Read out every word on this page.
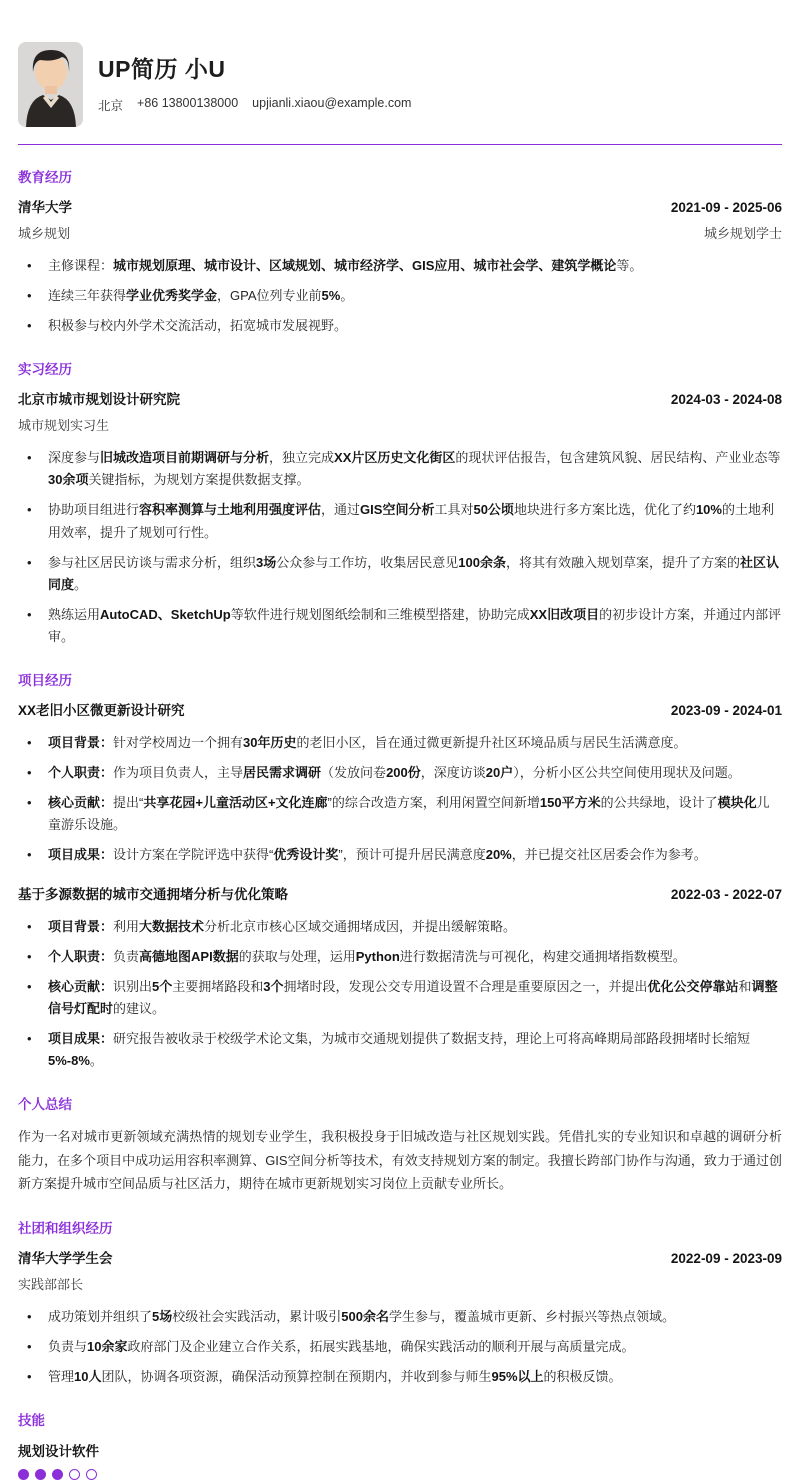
UP简历 小U
北京 +86 13800138000 upjianli.xiaou@example.com
教育经历
清华大学	2021-09 - 2025-06
城乡规划	城乡规划学士
• 主修课程：城市规划原理、城市设计、区域规划、城市经济学、GIS应用、城市社会学、建筑学概论等。
• 连续三年获得学业优秀奖学金，GPA位列专业前5%。
• 积极参与校内外学术交流活动，拓宽城市发展视野。
实习经历
北京市城市规划设计研究院	2024-03 - 2024-08
城市规划实习生
• 深度参与旧城改造项目前期调研与分析，独立完成XX片区历史文化街区的现状评估报告，包含建筑风貌、居民结构、产业业态等30余项关键指标，为规划方案提供数据支撑。
• 协助项目组进行容积率测算与土地利用强度评估，通过GIS空间分析工具对50公顷地块进行多方案比选，优化了约10%的土地利用效率，提升了规划可行性。
• 参与社区居民访谈与需求分析，组织3场公众参与工作坊，收集居民意见100余条，将其有效融入规划草案，提升了方案的社区认同度。
• 熟练运用AutoCAD、SketchUp等软件进行规划图纸绘制和三维模型搭建，协助完成XX旧改项目的初步设计方案，并通过内部评审。
项目经历
XX老旧小区微更新设计研究	2023-09 - 2024-01
• 项目背景：针对学校周边一个拥有30年历史的老旧小区，旨在通过微更新提升社区环境品质与居民生活满意度。
• 个人职责：作为项目负责人，主导居民需求调研（发放问卷200份，深度访谈20户），分析小区公共空间使用现状及问题。
• 核心贡献：提出“共享花园+儿童活动区+文化连廊”的综合改造方案，利用闲置空间新增150平方米的公共绿地，设计了模块化儿童游乐设施。
• 项目成果：设计方案在学院评选中获得“优秀设计奖”，预计可提升居民满意度20%，并已提交社区居委会作为参考。
基于多源数据的城市交通拥堵分析与优化策略	2022-03 - 2022-07
• 项目背景：利用大数据技术分析北京市核心区域交通拥堵成因，并提出缓解策略。
• 个人职责：负责高德地图API数据的获取与处理，运用Python进行数据清洗与可视化，构建交通拥堵指数模型。
• 核心贡献：识别出5个主要拥堵路段和3个拥堵时段，发现公交专用道设置不合理是重要原因之一，并提出优化公交停靠站和调整信号灯配时的建议。
• 项目成果：研究报告被收录于校级学术论文集，为城市交通规划提供了数据支持，理论上可将高峰期局部路段拥堵时长缩短5%-8%。
个人总结

作为一名对城市更新领域充满热情的规划专业学生，我积极投身于旧城改造与社区规划实践。凭借扎实的专业知识和卓越的调研分析能力，在多个项目中成功运用容积率测算、GIS空间分析等技术，有效支持规划方案的制定。我擅长跨部门协作与沟通，致力于通过创新方案提升城市空间品质与社区活力，期待在城市更新规划实习岗位上贡献专业所长。

社团和组织经历
清华大学学生会	2022-09 - 2023-09
实践部部长
• 成功策划并组织了5场校级社会实践活动，累计吸引500余名学生参与，覆盖城市更新、乡村振兴等热点领域。
• 负责与10余家政府部门及企业建立合作关系，拓展实践基地，确保实践活动的顺利开展与高质量完成。
• 管理10人团队，协调各项资源，确保活动预算控制在预期内，并收到参与师生95%以上的积极反馈。
技能
规划设计软件
